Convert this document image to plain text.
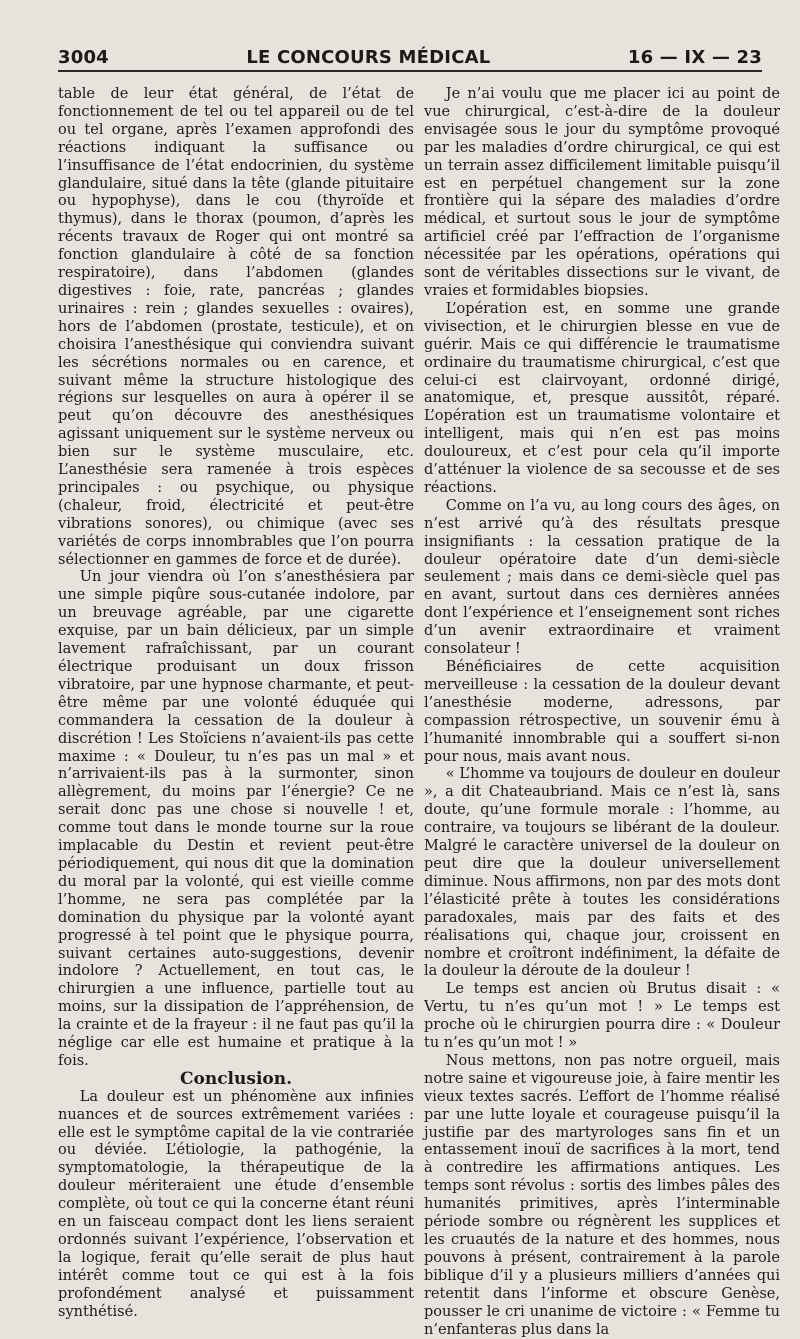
3004	LE CONCOURS MÉDICAL	16 — IX — 23

table de leur état général, de l’état de fonctionnement de tel ou tel appareil ou de tel ou tel organe, après l’examen approfondi des réactions indiquant la suffisance ou l’insuffisance de l’état endocrinien, du système glandulaire, situé dans la tête (glande pituitaire ou hypophyse), dans le cou (thyroïde et thymus), dans le thorax (poumon, d’après les récents travaux de Roger qui ont montré sa fonction glandulaire à côté de sa fonction respiratoire), dans l’abdomen (glandes digestives : foie, rate, pancréas ; glandes urinaires : rein ; glandes sexuelles : ovaires), hors de l’abdomen (prostate, testicule), et on choisira l’anesthésique qui conviendra suivant les sécrétions normales ou en carence, et suivant même la structure histologique des régions sur lesquelles on aura à opérer il se peut qu’on découvre des anesthésiques agissant uniquement sur le système nerveux ou bien sur le système musculaire, etc. L’anesthésie sera ramenée à trois espèces principales : ou psychique, ou physique (chaleur, froid, électricité et peut-être vibrations sonores), ou chimique (avec ses variétés de corps innombrables que l’on pourra sélectionner en gammes de force et de durée).

Un jour viendra où l’on s’anesthésiera par une simple piqûre sous-cutanée indolore, par un breuvage agréable, par une cigarette exquise, par un bain délicieux, par un simple lavement rafraîchissant, par un courant électrique produisant un doux frisson vibratoire, par une hypnose charmante, et peut-être même par une volonté éduquée qui commandera la cessation de la douleur à discrétion ! Les Stoïciens n’avaient-ils pas cette maxime : « Douleur, tu n’es pas un mal » et n’arrivaient-ils pas à la surmonter, sinon allègrement, du moins par l’énergie? Ce ne serait donc pas une chose si nouvelle ! et, comme tout dans le monde tourne sur la roue implacable du Destin et revient peut-être périodiquement, qui nous dit que la domination du moral par la volonté, qui est vieille comme l’homme, ne sera pas complétée par la domination du physique par la volonté ayant progressé à tel point que le physique pourra, suivant certaines auto-suggestions, devenir indolore ? Actuellement, en tout cas, le chirurgien a une influence, partielle tout au moins, sur la dissipation de l’appréhension, de la crainte et de la frayeur : il ne faut pas qu’il la néglige car elle est humaine et pratique à la fois.

Conclusion.

La douleur est un phénomène aux infinies nuances et de sources extrêmement variées : elle est le symptôme capital de la vie contrariée ou déviée. L’étiologie, la pathogénie, la symptomatologie, la thérapeutique de la douleur mériteraient une étude d’ensemble complète, où tout ce qui la concerne étant réuni en un faisceau compact dont les liens seraient ordonnés suivant l’expérience, l’observation et la logique, ferait qu’elle serait de plus haut intérêt comme tout ce qui est à la fois profondément analysé et puissamment synthétisé.

Je n’ai voulu que me placer ici au point de vue chirurgical, c’est-à-dire de la douleur envisagée sous le jour du symptôme provoqué par les maladies d’ordre chirurgical, ce qui est un terrain assez difficilement limitable puisqu’il est en perpétuel changement sur la zone frontière qui la sépare des maladies d’ordre médical, et surtout sous le jour de symptôme artificiel créé par l’effraction de l’organisme nécessitée par les opérations, opérations qui sont de véritables dissections sur le vivant, de vraies et formidables biopsies.

L’opération est, en somme une grande vivisection, et le chirurgien blesse en vue de guérir. Mais ce qui différencie le traumatisme ordinaire du traumatisme chirurgical, c’est que celui-ci est clairvoyant, ordonné dirigé, anatomique, et, presque aussitôt, réparé. L’opération est un traumatisme volontaire et intelligent, mais qui n’en est pas moins douloureux, et c’est pour cela qu’il importe d’atténuer la violence de sa secousse et de ses réactions.

Comme on l’a vu, au long cours des âges, on n’est arrivé qu’à des résultats presque insignifiants : la cessation pratique de la douleur opératoire date d’un demi-siècle seulement ; mais dans ce demi-siècle quel pas en avant, surtout dans ces dernières années dont l’expérience et l’enseignement sont riches d’un avenir extraordinaire et vraiment consolateur !

Bénéficiaires de cette acquisition merveilleuse : la cessation de la douleur devant l’anesthésie moderne, adressons, par compassion rétrospective, un souvenir ému à l’humanité innombrable qui a souffert si-non pour nous, mais avant nous.

« L’homme va toujours de douleur en douleur », a dit Chateaubriand. Mais ce n’est là, sans doute, qu’une formule morale : l’homme, au contraire, va toujours se libérant de la douleur. Malgré le caractère universel de la douleur on peut dire que la douleur universellement diminue. Nous affirmons, non par des mots dont l’élasticité prête à toutes les considérations paradoxales, mais par des faits et des réalisations qui, chaque jour, croissent en nombre et croîtront indéfiniment, la défaite de la douleur la déroute de la douleur !

Le temps est ancien où Brutus disait : « Vertu, tu n’es qu’un mot ! » Le temps est proche où le chirurgien pourra dire : « Douleur tu n’es qu’un mot ! »

Nous mettons, non pas notre orgueil, mais notre saine et vigoureuse joie, à faire mentir les vieux textes sacrés. L’effort de l’homme réalisé par une lutte loyale et courageuse puisqu’il la justifie par des martyrologes sans fin et un entassement inouï de sacrifices à la mort, tend à contredire les affirmations antiques. Les temps sont révolus : sortis des limbes pâles des humanités primitives, après l’interminable période sombre ou régnèrent les supplices et les cruautés de la nature et des hommes, nous pouvons à présent, contrairement à la parole biblique d’il y a plusieurs milliers d’années qui retentit dans l’informe et obscure Genèse, pousser le cri unanime de victoire : « Femme tu n’enfanteras plus dans la
